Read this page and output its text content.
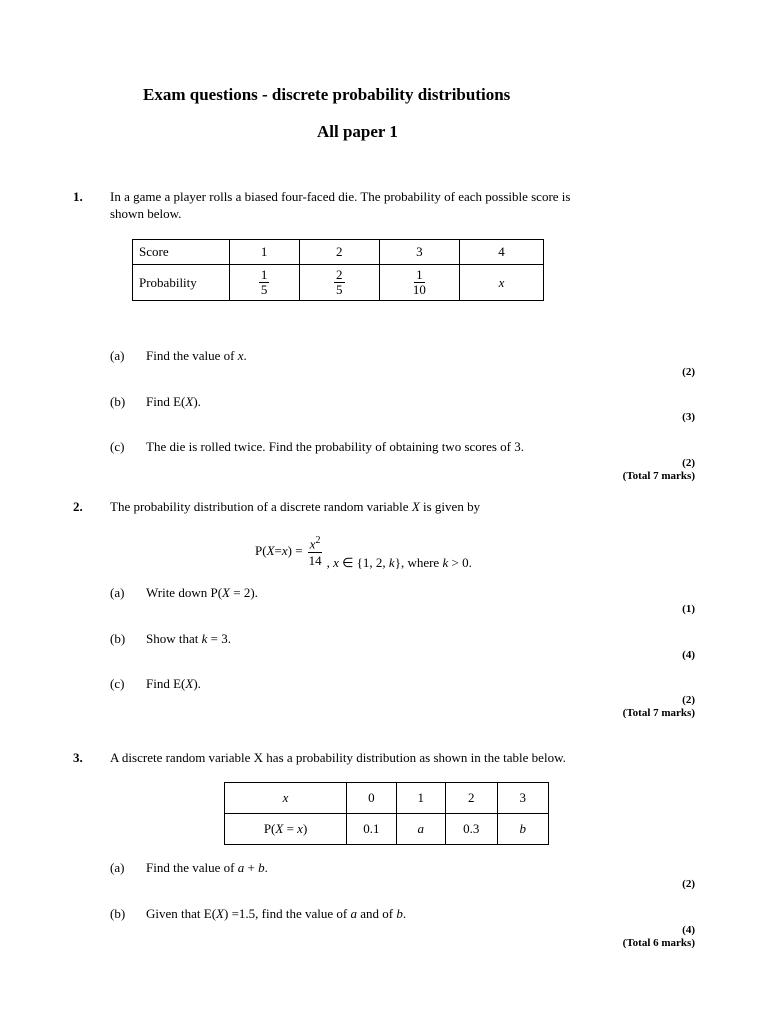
Exam questions - discrete probability distributions
All paper 1
1. In a game a player rolls a biased four-faced die. The probability of each possible score is
shown below.
Score	1	2	3	4
Probability	$\frac{1}{5}$	$\frac{2}{5}$	$\frac{1}{10}$	x
(a)	Find the value of x.
(2)
(b)	Find E(X).
(3)
(c)	The die is rolled twice. Find the probability of obtaining two scores of 3.
(2)
(Total 7 marks)
2. The probability distribution of a discrete random variable X is given by
P( X = x ) = $\frac{x^2}{14}$ , x ∈ {1, 2, k}, where k > 0.
(a)	Write down P(X = 2).
(1)
(b)	Show that k = 3.
(4)
(c)	Find E(X).
(2)
(Total 7 marks)
3. A discrete random variable X has a probability distribution as shown in the table below.
x	0	1	2	3
P(X = x)	0.1	a	0.3	b
(a)	Find the value of a + b.
(2)
(b)	Given that E(X) =1.5, find the value of a and of b.
(4)
(Total 6 marks)
